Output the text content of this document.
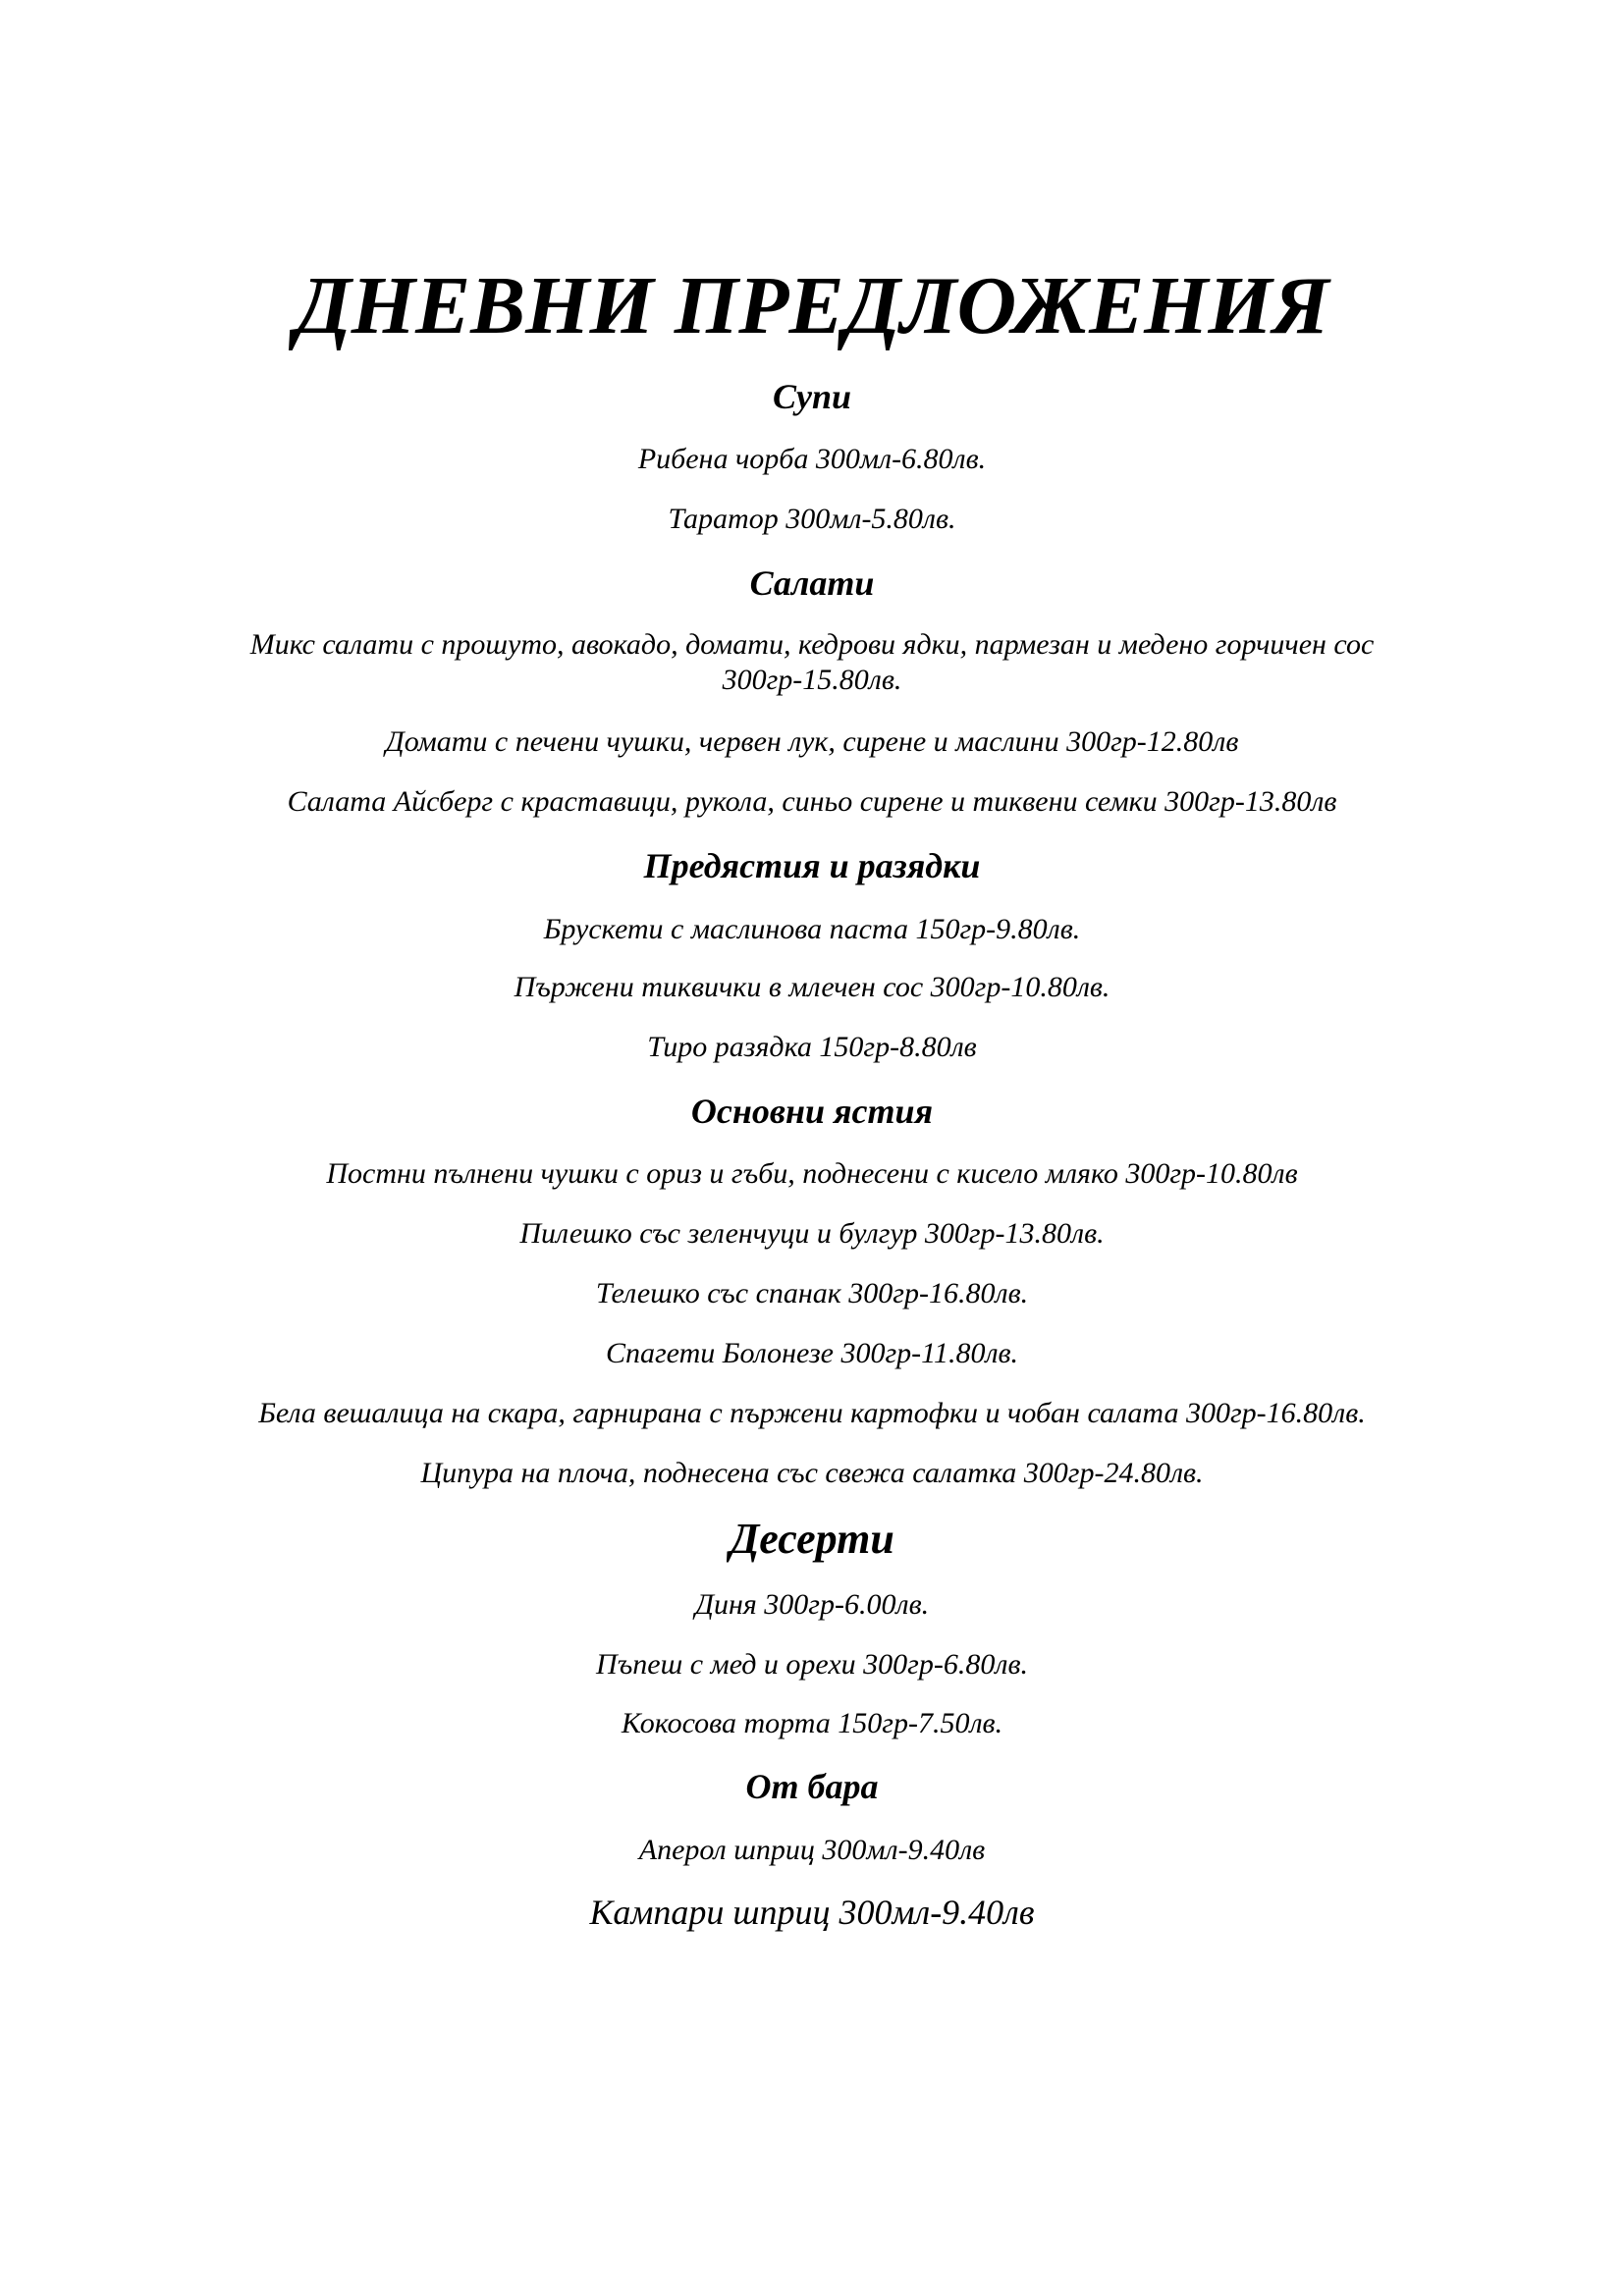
ДНЕВНИ ПРЕДЛОЖЕНИЯ
Супи
Рибена чорба 300мл-6.80лв.
Таратор 300мл-5.80лв.
Салати
Микс салати с прошуто, авокадо, домати, кедрови ядки, пармезан и медено горчичен сос 300гр-15.80лв.
Домати с печени чушки, червен лук, сирене и маслини 300гр-12.80лв
Салата Айсберг с краставици, рукола, синьо сирене и тиквени семки 300гр-13.80лв
Предястия и разядки
Брускети с маслинова паста 150гр-9.80лв.
Пържени тиквички в млечен сос 300гр-10.80лв.
Тиро разядка 150гр-8.80лв
Основни ястия
Постни пълнени чушки с ориз и гъби, поднесени с кисело мляко 300гр-10.80лв
Пилешко със зеленчуци и булгур 300гр-13.80лв.
Телешко със спанак 300гр-16.80лв.
Спагети Болонезе 300гр-11.80лв.
Бела вешалица на скара, гарнирана с пържени картофки и чобан салата 300гр-16.80лв.
Ципура на плоча, поднесена със свежа салатка 300гр-24.80лв.
Десерти
Диня 300гр-6.00лв.
Пъпеш с мед и орехи 300гр-6.80лв.
Кокосова торта 150гр-7.50лв.
От бара
Аперол шприц 300мл-9.40лв
Кампари шприц 300мл-9.40лв
